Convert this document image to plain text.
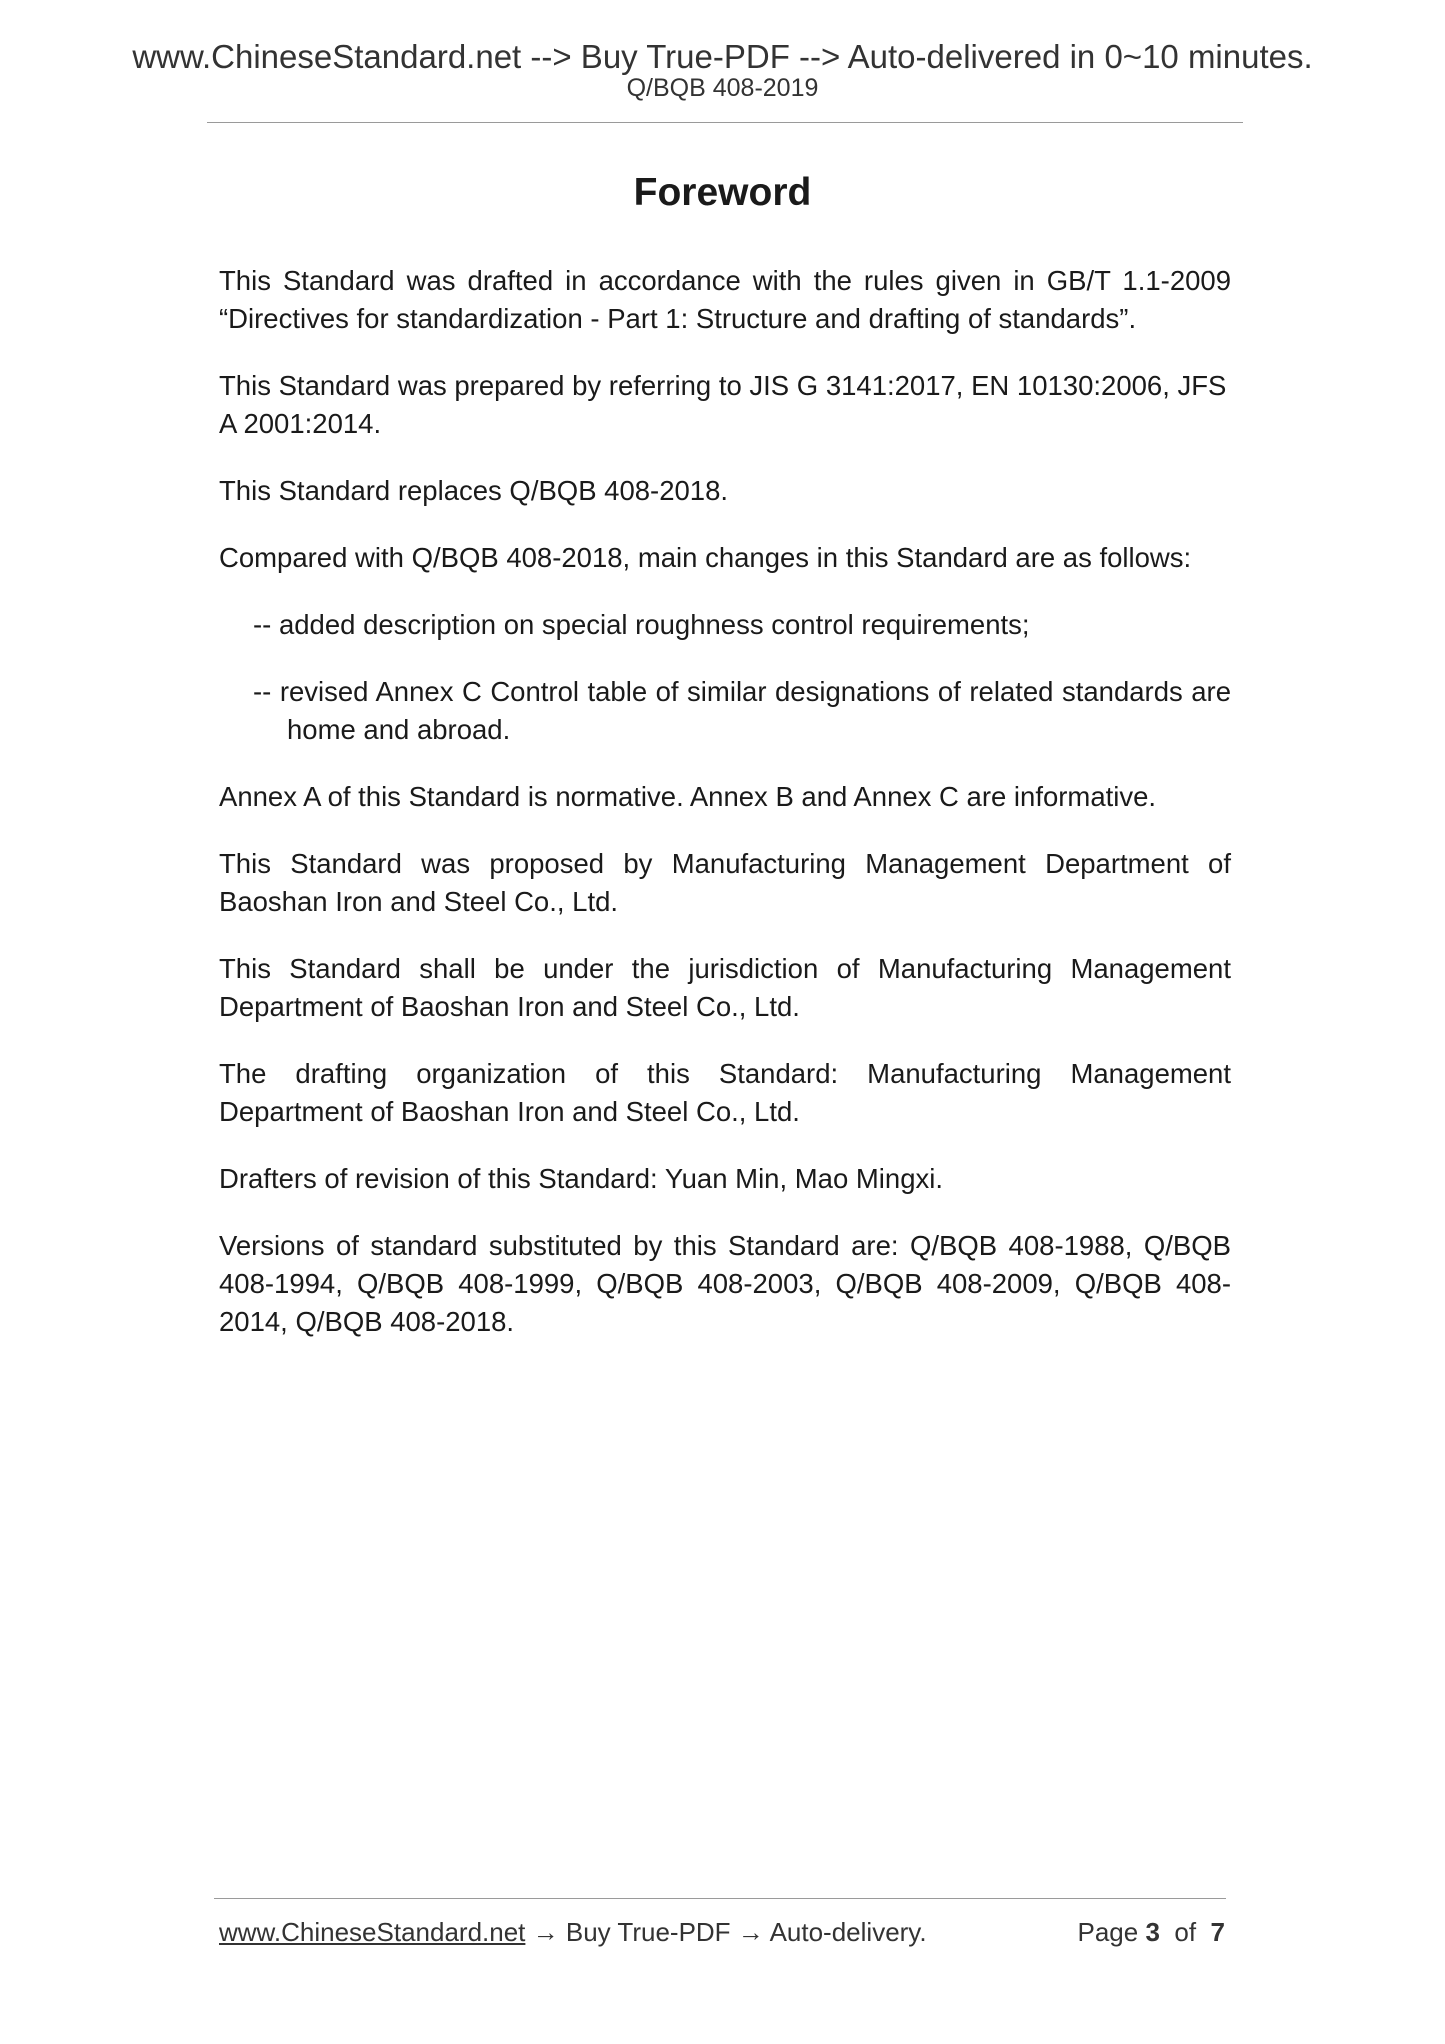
www.ChineseStandard.net --> Buy True-PDF --> Auto-delivered in 0~10 minutes.
Q/BQB 408-2019
Foreword

This Standard was drafted in accordance with the rules given in GB/T 1.1-2009 “Directives for standardization - Part 1: Structure and drafting of standards”.

This Standard was prepared by referring to JIS G 3141:2017, EN 10130:2006, JFS A 2001:2014.

This Standard replaces Q/BQB 408-2018.

Compared with Q/BQB 408-2018, main changes in this Standard are as follows:

-- added description on special roughness control requirements;

-- revised Annex C Control table of similar designations of related standards are home and abroad.

Annex A of this Standard is normative. Annex B and Annex C are informative.

This Standard was proposed by Manufacturing Management Department of Baoshan Iron and Steel Co., Ltd.

This Standard shall be under the jurisdiction of Manufacturing Management Department of Baoshan Iron and Steel Co., Ltd.

The drafting organization of this Standard: Manufacturing Management Department of Baoshan Iron and Steel Co., Ltd.

Drafters of revision of this Standard: Yuan Min, Mao Mingxi.

Versions of standard substituted by this Standard are: Q/BQB 408-1988, Q/BQB 408-1994, Q/BQB 408-1999, Q/BQB 408-2003, Q/BQB 408-2009, Q/BQB 408-2014, Q/BQB 408-2018.

www.ChineseStandard.net → Buy True-PDF → Auto-delivery.	Page 3 of 7
